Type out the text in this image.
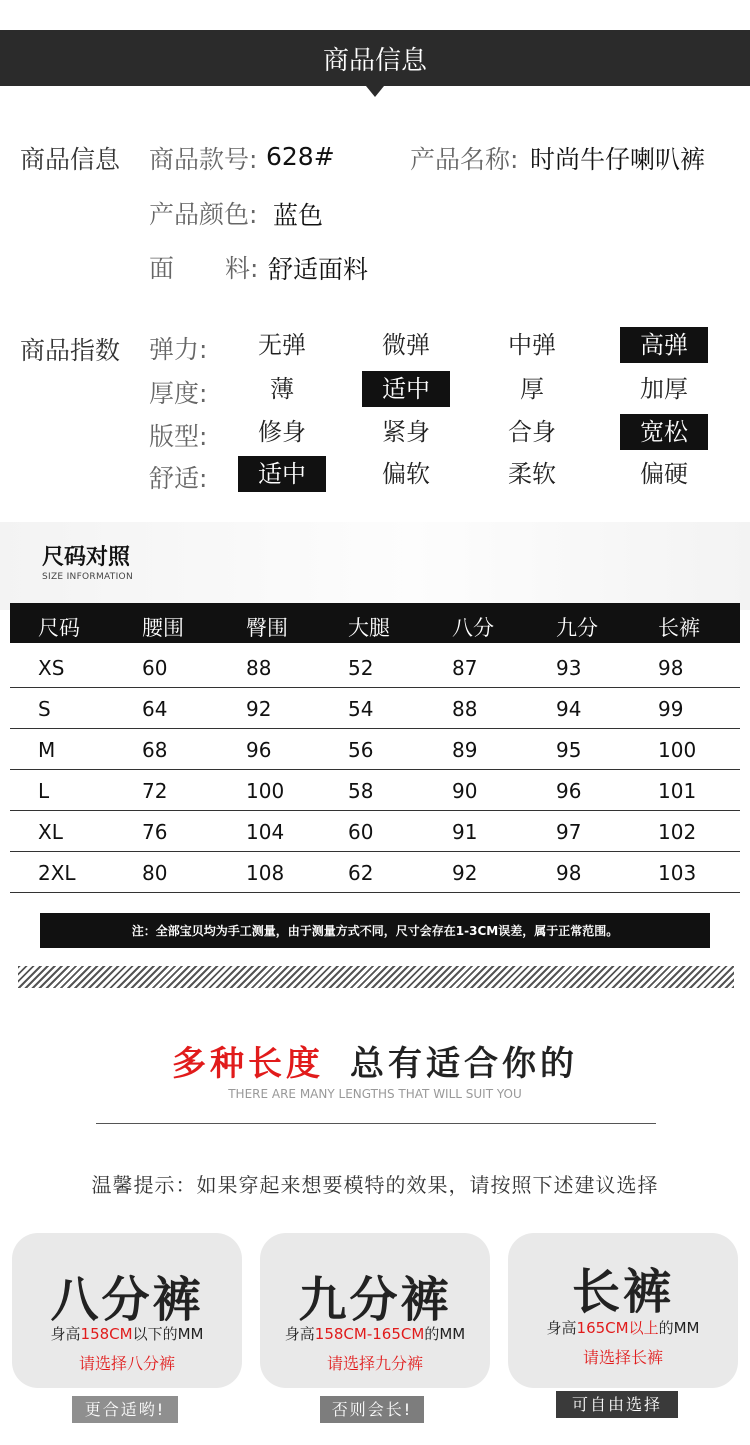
商品信息
商品信息 商品款号: 628#	产品名称: 时尚牛仔喇叭裤
产品颜色: 蓝色
面 料: 舒适面料
商品指数 弹力:	无弹	微弹	中弹	高弹
厚度:	薄	适中	厚	加厚
版型:	修身	紧身	合身	宽松
舒适:	适中	偏软	柔软	偏硬
尺码对照
SIZE INFORMATION
尺码	腰围	臀围	大腿	八分	九分	长裤
XS	60	88	52	87	93	98
S	64	92	54	88	94	99
M	68	96	56	89	95	100
L	72	100	58	90	96	101
XL	76	104	60	91	97	102
2XL	80	108	62	92	98	103
注：全部宝贝均为手工测量，由于测量方式不同，尺寸会存在1-3CM误差，属于正常范围。
多种长度 总有适合你的
THERE ARE MANY LENGTHS THAT WILL SUIT YOU
温馨提示：如果穿起来想要模特的效果，请按照下述建议选择
八分裤
身高158CM以下的MM
请选择八分裤
更合适哟!
九分裤
身高158CM-165CM的MM
请选择九分裤
否则会长!
长裤
身高165CM以上的MM
请选择长裤
可自由选择
